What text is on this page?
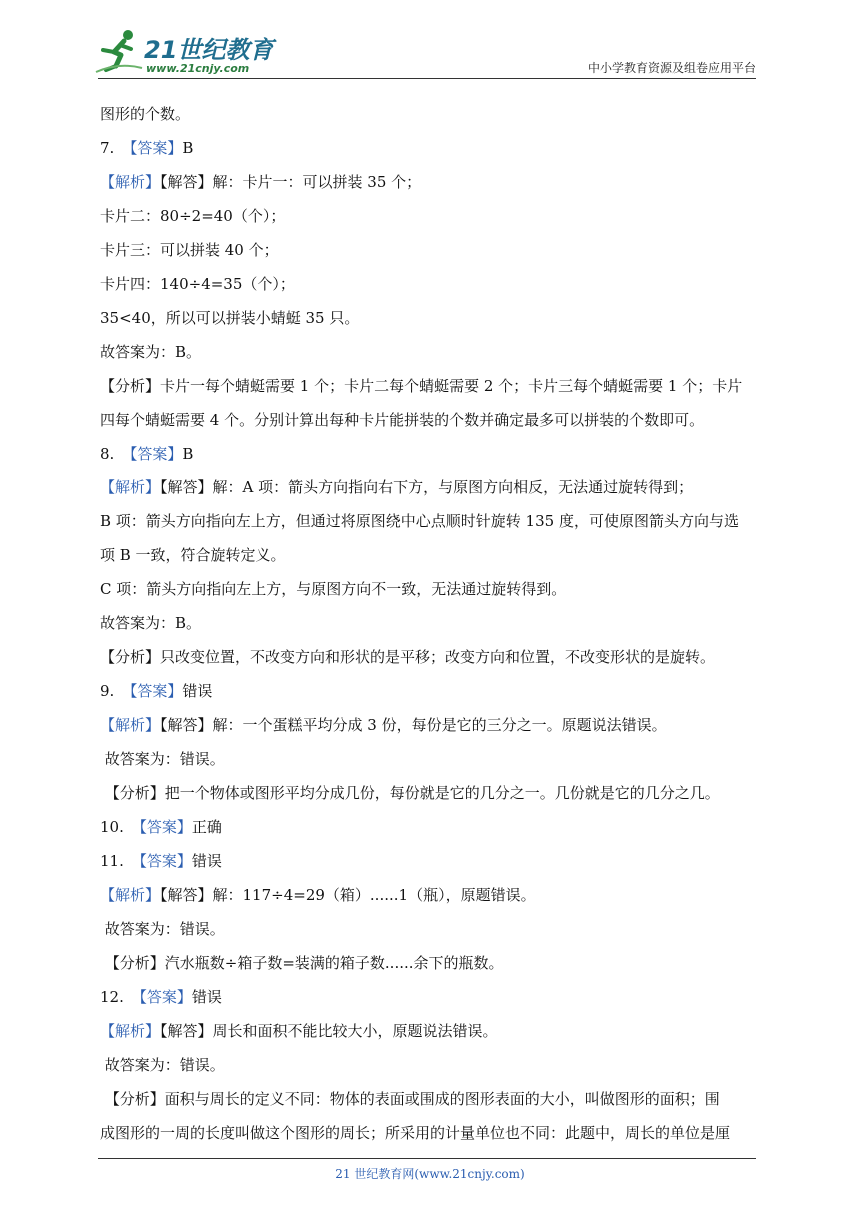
21世纪教育
www.21cnjy.com	中小学教育资源及组卷应用平台
图形的个数。
7. 【答案】B
【解析】【解答】解：卡片一：可以拼装 35 个；
卡片二：80÷2=40（个）；
卡片三：可以拼装 40 个；
卡片四：140÷4=35（个）；
35<40，所以可以拼装小蜻蜓 35 只。
故答案为：B。
【分析】卡片一每个蜻蜓需要 1 个；卡片二每个蜻蜓需要 2 个；卡片三每个蜻蜓需要 1 个；卡片
四每个蜻蜓需要 4 个。分别计算出每种卡片能拼装的个数并确定最多可以拼装的个数即可。
8. 【答案】B
【解析】【解答】解：A 项：箭头方向指向右下方，与原图方向相反，无法通过旋转得到；
B 项：箭头方向指向左上方，但通过将原图绕中心点顺时针旋转 135 度，可使原图箭头方向与选
项 B 一致，符合旋转定义。
C 项：箭头方向指向左上方，与原图方向不一致，无法通过旋转得到。
故答案为：B。
【分析】只改变位置，不改变方向和形状的是平移；改变方向和位置，不改变形状的是旋转。
9. 【答案】错误
【解析】【解答】解：一个蛋糕平均分成 3 份，每份是它的三分之一。原题说法错误。
故答案为：错误。
【分析】把一个物体或图形平均分成几份，每份就是它的几分之一。几份就是它的几分之几。
10. 【答案】正确
11. 【答案】错误
【解析】【解答】解：117÷4=29（箱）......1（瓶），原题错误。
故答案为：错误。
【分析】汽水瓶数÷箱子数=装满的箱子数......余下的瓶数。
12. 【答案】错误
【解析】【解答】周长和面积不能比较大小，原题说法错误。
故答案为：错误。
【分析】面积与周长的定义不同：物体的表面或围成的图形表面的大小，叫做图形的面积；围
成图形的一周的长度叫做这个图形的周长；所采用的计量单位也不同：此题中，周长的单位是厘
21 世纪教育网(www.21cnjy.com)
